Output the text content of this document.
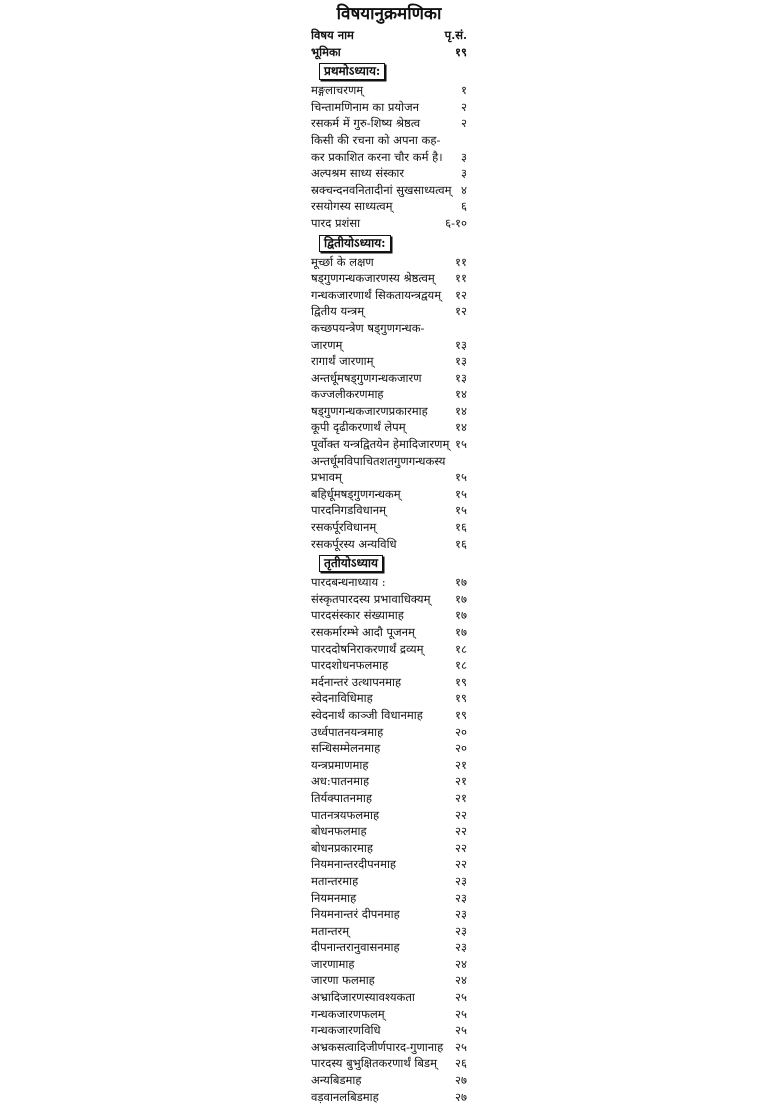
विषयानुक्रमणिका
विषय नाम	पृ.सं.
भूमिका	१९
प्रथमोऽध्याय:
मङ्गलाचरणम्	१
चिन्तामणिनाम का प्रयोजन	२
रसकर्म में गुरु-शिष्य श्रेष्ठत्व	२
किसी की रचना को अपना कह-
कर प्रकाशित करना चौर कर्म है।	३
अल्पश्रम साध्य संस्कार	३
स्रक्चन्दनवनितादीनां सुखसाध्यत्वम् ४
रसयोगस्य साध्यत्वम्	६
पारद प्रशंसा	६-१०
द्वितीयोऽध्याय:
मूर्च्छा के लक्षण	११
षड्गुणगन्धकजारणस्य श्रेष्ठत्वम्	११
गन्धकजारणार्थं सिकतायन्त्रद्वयम्	१२
द्वितीय यन्त्रम्	१२
कच्छपयन्त्रेण षड्गुणगन्धक-
जारणम्	१३
रागार्थं जारणाम्	१३
अन्तर्धूमषड्गुणगन्धकजारण	१३
कज्जलीकरणमाह	१४
षड्गुणगन्धकजारणप्रकारमाह	१४
कूपी दृढीकरणार्थं लेपम्	१४
पूर्वोक्त यन्त्रद्वितयेन हेमादिजारणम् १५
अन्तर्धूमविपाचितशतगुणगन्धकस्य
प्रभावम्	१५
बहिर्धूमषड्गुणगन्धकम्	१५
पारदनिगडविधानम्	१५
रसकर्पूरविधानम्	१६
रसकर्पूरस्य अन्यविधि	१६
तृतीयोऽध्याय
पारदबन्धनाध्याय :	१७
संस्कृतपारदस्य प्रभावाधिक्यम्	१७
पारदसंस्कार संख्यामाह	१७
रसकर्मारम्भे आदौ पूजनम्	१७
पारददोषनिराकरणार्थं द्रव्यम्	१८
पारदशोधनफलमाह	१८
मर्दनान्तरं उत्थापनमाह	१९
स्वेदनाविधिमाह	१९
स्वेदनार्थं काञ्जी विधानमाह	१९
उर्ध्वपातनयन्त्रमाह	२०
सन्धिसम्मेलनमाह	२०
यन्त्रप्रमाणमाह	२१
अध:पातनमाह	२१
तिर्यक्पातनमाह	२१
पातनत्रयफलमाह	२२
बोधनफलमाह	२२
बोधनप्रकारमाह	२२
नियमनान्तरदीपनमाह	२२
मतान्तरमाह	२३
नियमनमाह	२३
नियमनान्तरं दीपनमाह	२३
मतान्तरम्	२३
दीपनान्तरानुवासनमाह	२३
जारणामाह	२४
जारणा फलमाह	२४
अभ्रादिजारणस्यावश्यकता	२५
गन्धकजारणफलम्	२५
गन्धकजारणविधि	२५
अभ्रकसत्वादिजीर्णपारद-गुणानाह	२५
पारदस्य बुभुक्षितकरणार्थं बिडम्	२६
अन्यबिडमाह	२७
वड़वानलबिडमाह	२७
